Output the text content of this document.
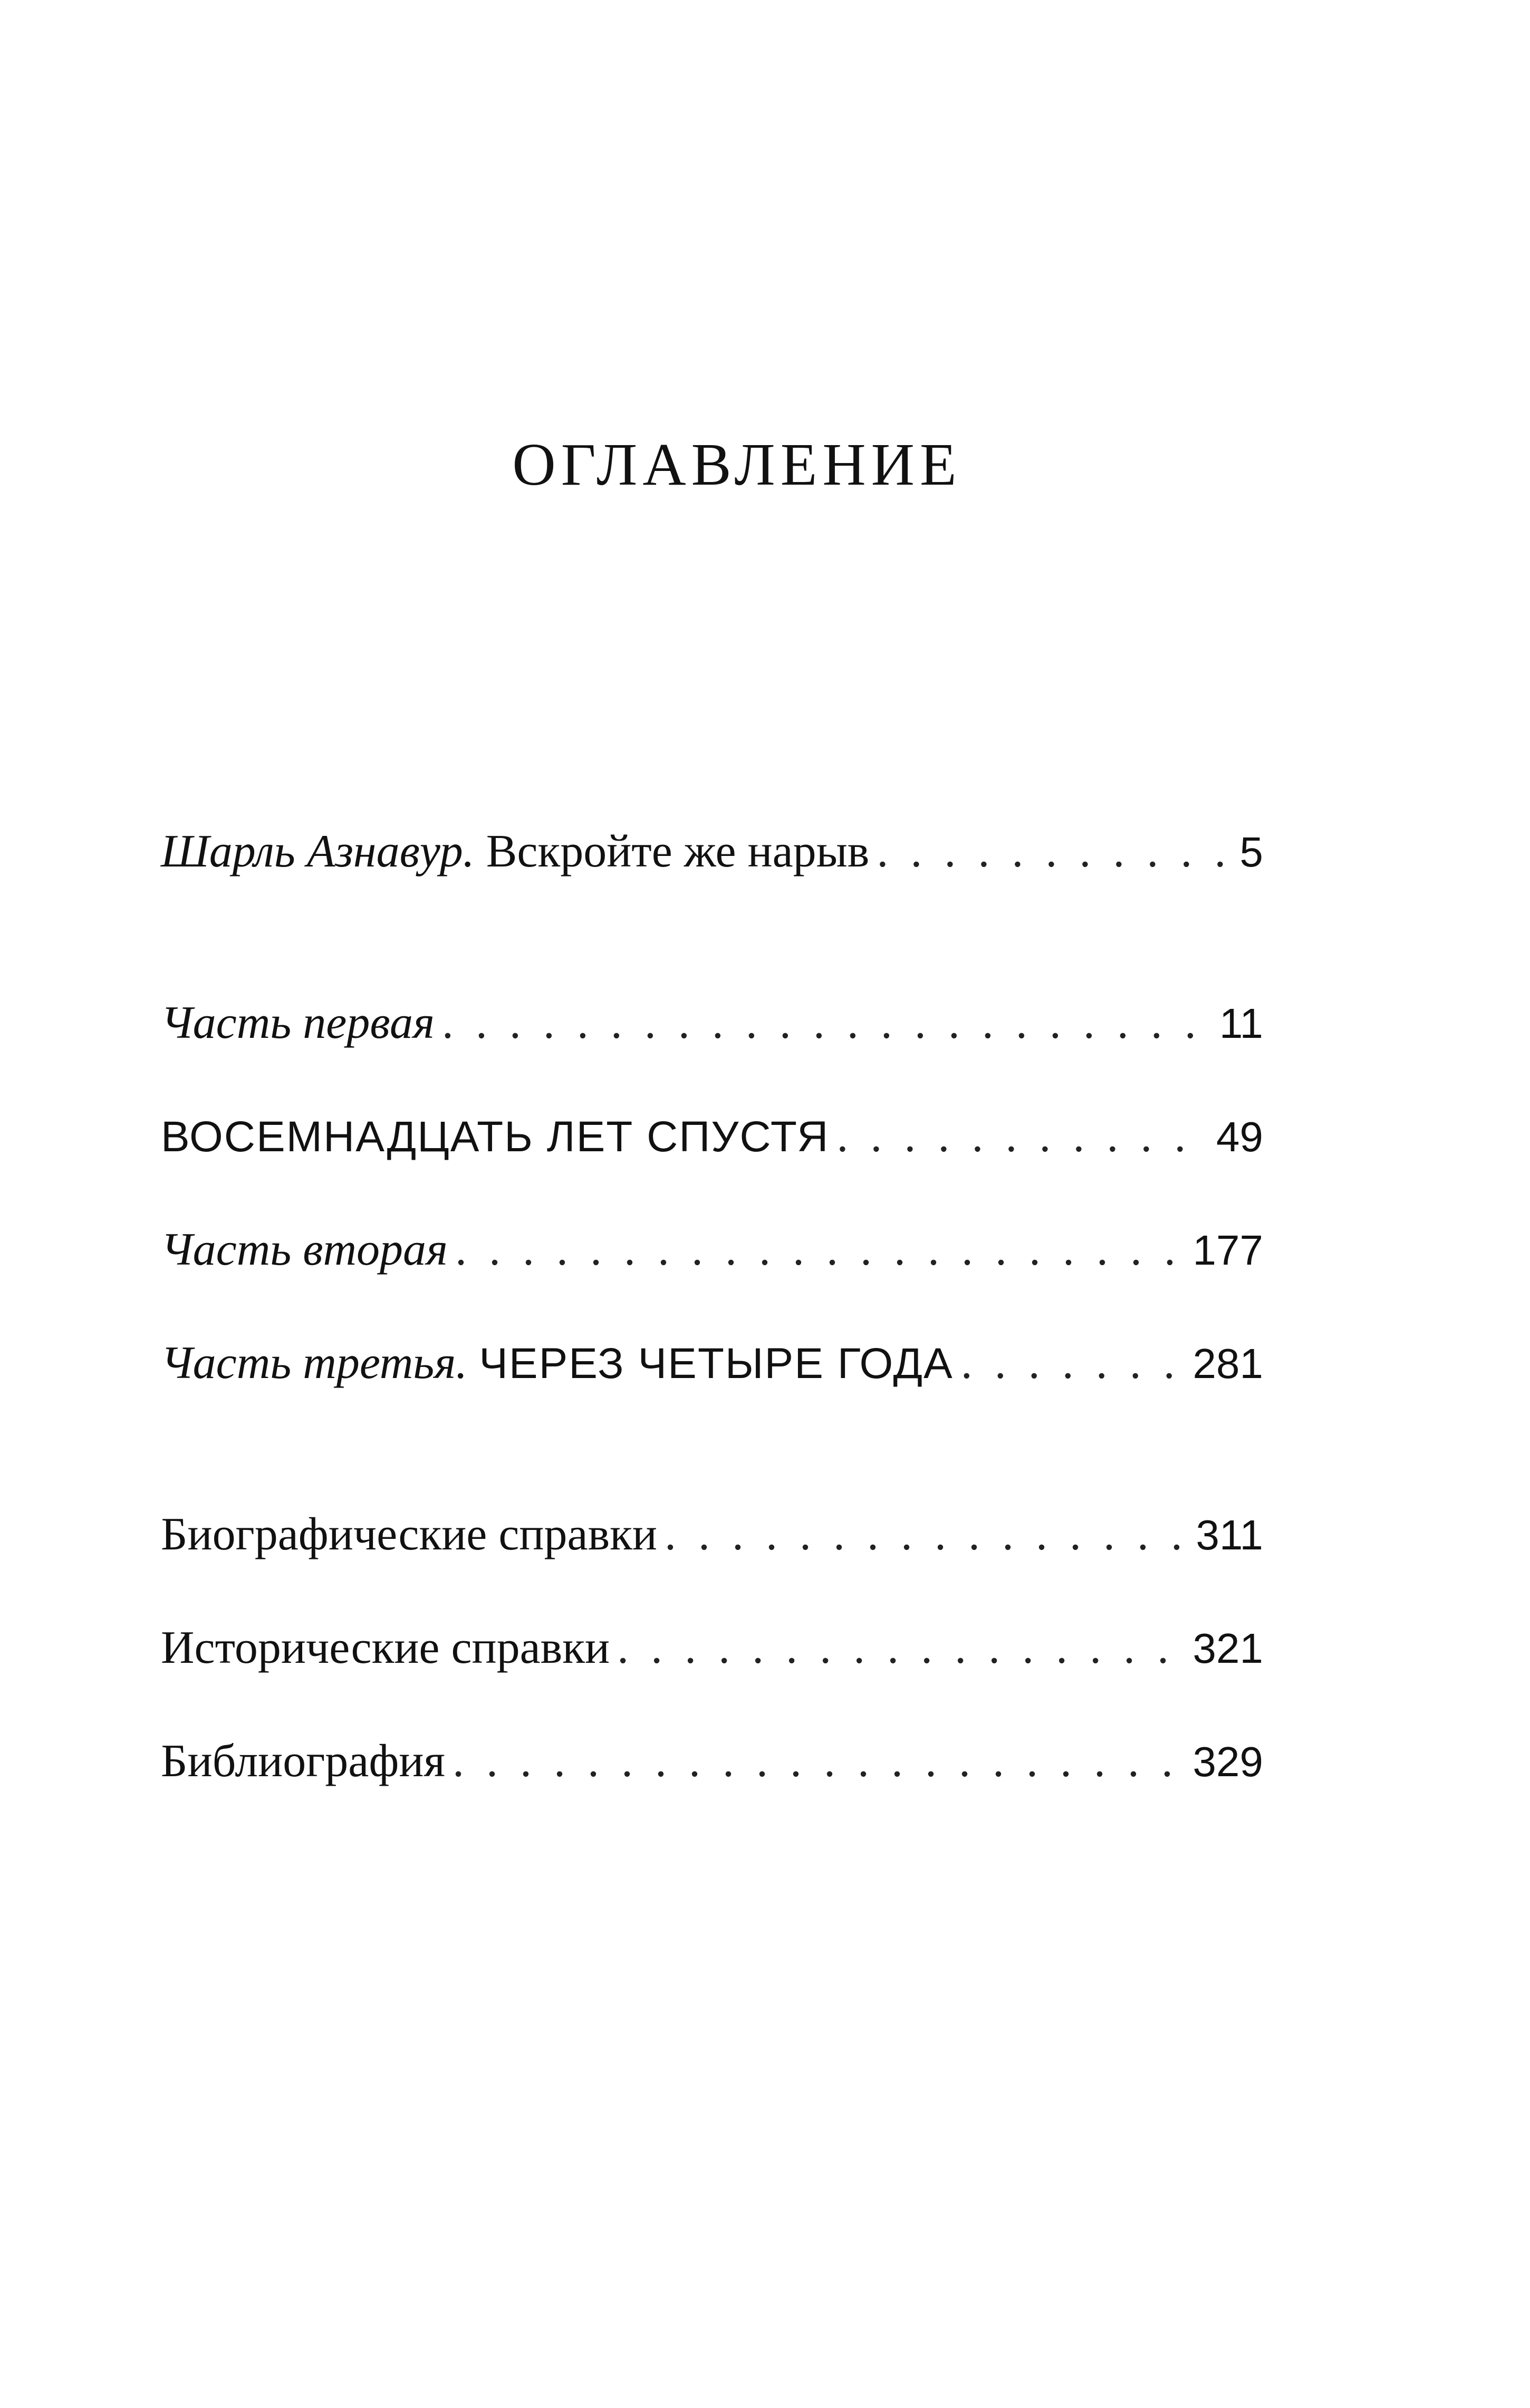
ОГЛАВЛЕНИЕ
Шарль Азнавур. Вскройте же нарыв . . .	5
Часть первая . . .	11
ВОСЕМНАДЦАТЬ ЛЕТ СПУСТЯ . . .	49
Часть вторая . . .	177
Часть третья. ЧЕРЕЗ ЧЕТЫРЕ ГОДА . . .	281
Биографические справки . . .	311
Исторические справки . . .	321
Библиография . . .	329
